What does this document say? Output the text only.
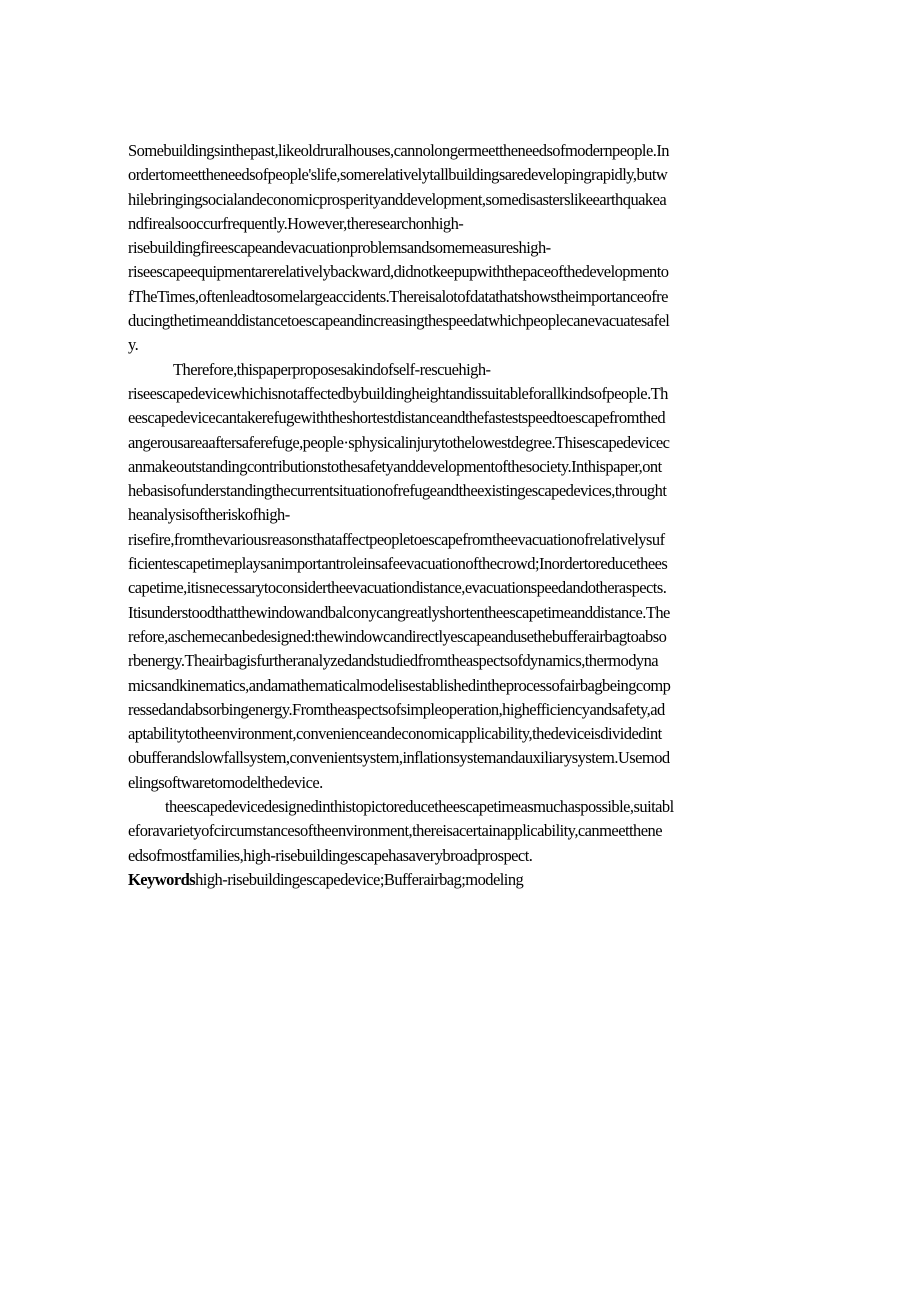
Somebuildingsinthepast,likeoldruralhouses,cannolongermeettheneedsofmodernpeople.In
ordertomeettheneedsofpeople'slife,somerelativelytallbuildingsaredevelopingrapidly,butw
hilebringingsocialandeconomicprosperityanddevelopment,somedisasterslikeearthquakea
ndfirealsooccurfrequently.However,theresearchonhigh-
risebuildingfireescapeandevacuationproblemsandsomemeasureshigh-
riseescapeequipmentarerelativelybackward,didnotkeepupwiththepaceofthedevelopmento
fTheTimes,oftenleadtosomelargeaccidents.Thereisalotofdatathatshowstheimportanceofre
ducingthetimeanddistancetoescapeandincreasingthespeedatwhichpeoplecanevacuatesafel
y.
Therefore,thispaperproposesakindofself-rescuehigh-
riseescapedevicewhichisnotaffectedbybuildingheightandissuitableforallkindsofpeople.Th
eescapedevicecantakerefugewiththeshortestdistanceandthefastestspeedtoescapefromthed
angerousareaaftersaferefuge,people·sphysicalinjurytothelowestdegree.Thisescapedevicec
anmakeoutstandingcontributionstothesafetyanddevelopmentofthesociety.Inthispaper,ont
hebasisofunderstandingthecurrentsituationofrefugeandtheexistingescapedevices,throught
heanalysisoftheriskofhigh-
risefire,fromthevariousreasonsthataffectpeopletoescapefromtheevacuationofrelativelysuf
ficientescapetimeplaysanimportantroleinsafeevacuationofthecrowd;Inordertoreducethees
capetime,itisnecessarytoconsidertheevacuationdistance,evacuationspeedandotheraspects.
Itisunderstoodthatthewindowandbalconycangreatlyshortentheescapetimeanddistance.The
refore,aschemecanbedesigned:thewindowcandirectlyescapeandusethebufferairbagtoabso
rbenergy.Theairbagisfurtheranalyzedandstudiedfromtheaspectsofdynamics,thermodyna
micsandkinematics,andamathematicalmodelisestablishedintheprocessofairbagbeingcomp
ressedandabsorbingenergy.Fromtheaspectsofsimpleoperation,highefficiencyandsafety,ad
aptabilitytotheenvironment,convenienceandeconomicapplicability,thedeviceisdividedint
obufferandslowfallsystem,convenientsystem,inflationsystemandauxiliarysystem.Usemod
elingsoftwaretomodelthedevice.
theescapedevicedesignedinthistopictoreducetheescapetimeasmuchaspossible,suitabl
eforavarietyofcircumstancesoftheenvironment,thereisacertainapplicability,canmeetthene
edsofmostfamilies,high-risebuildingescapehasaverybroadprospect.
Keywordshigh-risebuildingescapedevice;Bufferairbag;modeling
